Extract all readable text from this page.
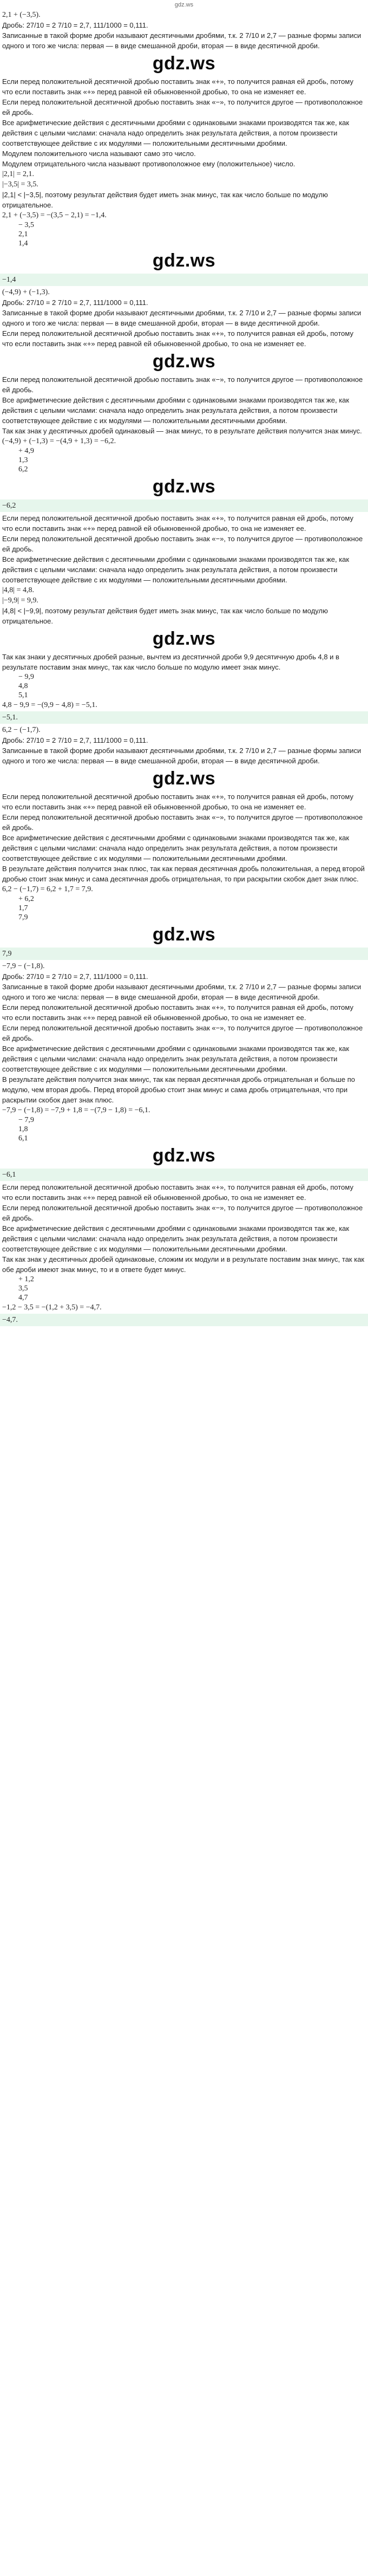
gdz.ws
2,1 + (−3,5).
Дробь: 27/10 = 2 7/10 = 2,7, 111/1000 = 0,111.
Записанные в такой форме дроби называют десятичными дробями, т.к. 2 7/10 и 2,7 — разные формы записи одного и того же числа: первая — в виде смешанной дроби, вторая — в виде десятичной дроби.
gdz.ws
Если перед положительной десятичной дробью поставить знак «+», то получится равная ей дробь, потому что если поставить знак «+» перед равной ей обыкновенной дробью, то она не изменяет ее.
Если перед положительной десятичной дробью поставить знак «−», то получится другое — противоположное ей дробь.
Все арифметические действия с десятичными дробями с одинаковыми знаками производятся так же, как действия с целыми числами: сначала надо определить знак результата действия, а потом произвести соответствующее действие с их модулями — положительными десятичными дробями.
Модулем положительного числа называют само это число.
Модулем отрицательного числа называют противоположное ему (положительное) число.
|2,1| = 2,1.
|−3,5| = 3,5.
|2,1| < |−3,5|, поэтому результат действия будет иметь знак минус, так как число больше по модулю отрицательное.
2,1 + (−3,5) = −(3,5 − 2,1) = −1,4.
− 3,5
2,1
1,4
gdz.ws
−1,4
(−4,9) + (−1,3).
Дробь: 27/10 = 2 7/10 = 2,7, 111/1000 = 0,111.
Записанные в такой форме дроби называют десятичными дробями, т.к. 2 7/10 и 2,7 — разные формы записи одного и того же числа: первая — в виде смешанной дроби, вторая — в виде десятичной дроби.
Если перед положительной десятичной дробью поставить знак «+», то получится равная ей дробь, потому что если поставить знак «+» перед равной ей обыкновенной дробью, то она не изменяет ее.
gdz.ws
Если перед положительной десятичной дробью поставить знак «−», то получится другое — противоположное ей дробь.
Все арифметические действия с десятичными дробями с одинаковыми знаками производятся так же, как действия с целыми числами: сначала надо определить знак результата действия, а потом произвести соответствующее действие с их модулями — положительными десятичными дробями.
Так как знак у десятичных дробей одинаковый — знак минус, то в результате действия получится знак минус.
(−4,9) + (−1,3) = −(4,9 + 1,3) = −6,2.
+ 4,9
1,3
6,2
gdz.ws
−6,2
Если перед положительной десятичной дробью поставить знак «+», то получится равная ей дробь, потому что если поставить знак «+» перед равной ей обыкновенной дробью, то она не изменяет ее.
Если перед положительной десятичной дробью поставить знак «−», то получится другое — противоположное ей дробь.
Все арифметические действия с десятичными дробями с одинаковыми знаками производятся так же, как действия с целыми числами: сначала надо определить знак результата действия, а потом произвести соответствующее действие с их модулями — положительными десятичными дробями.
|4,8| = 4,8.
|−9,9| = 9,9.
|4,8| < |−9,9|, поэтому результат действия будет иметь знак минус, так как число больше по модулю отрицательное.
gdz.ws
Так как знаки у десятичных дробей разные, вычтем из десятичной дроби 9,9 десятичную дробь 4,8 и в результате поставим знак минус, так как число больше по модулю имеет знак минус.
− 9,9
4,8
5,1
4,8 − 9,9 = −(9,9 − 4,8) = −5,1.
−5,1.
6,2 − (−1,7).
Дробь: 27/10 = 2 7/10 = 2,7, 111/1000 = 0,111.
Записанные в такой форме дроби называют десятичными дробями, т.к. 2 7/10 и 2,7 — разные формы записи одного и того же числа: первая — в виде смешанной дроби, вторая — в виде десятичной дроби.
gdz.ws
Если перед положительной десятичной дробью поставить знак «+», то получится равная ей дробь, потому что если поставить знак «+» перед равной ей обыкновенной дробью, то она не изменяет ее.
Если перед положительной десятичной дробью поставить знак «−», то получится другое — противоположное ей дробь.
Все арифметические действия с десятичными дробями с одинаковыми знаками производятся так же, как действия с целыми числами: сначала надо определить знак результата действия, а потом произвести соответствующее действие с их модулями — положительными десятичными дробями.
В результате действия получится знак плюс, так как первая десятичная дробь положительная, а перед второй дробью стоит знак минус и сама десятичная дробь отрицательная, то при раскрытии скобок дает знак плюс.
6,2 − (−1,7) = 6,2 + 1,7 = 7,9.
+ 6,2
1,7
7,9
gdz.ws
7,9
−7,9 − (−1,8).
Дробь: 27/10 = 2 7/10 = 2,7, 111/1000 = 0,111.
Записанные в такой форме дроби называют десятичными дробями, т.к. 2 7/10 и 2,7 — разные формы записи одного и того же числа: первая — в виде смешанной дроби, вторая — в виде десятичной дроби.
Если перед положительной десятичной дробью поставить знак «+», то получится равная ей дробь, потому что если поставить знак «+» перед равной ей обыкновенной дробью, то она не изменяет ее.
Если перед положительной десятичной дробью поставить знак «−», то получится другое — противоположное ей дробь.
Все арифметические действия с десятичными дробями с одинаковыми знаками производятся так же, как действия с целыми числами: сначала надо определить знак результата действия, а потом произвести соответствующее действие с их модулями — положительными десятичными дробями.
В результате действия получится знак минус, так как первая десятичная дробь отрицательная и больше по модулю, чем вторая дробь. Перед второй дробью стоит знак минус и сама дробь отрицательная, что при раскрытии скобок дает знак плюс.
−7,9 − (−1,8) = −7,9 + 1,8 = −(7,9 − 1,8) = −6,1.
− 7,9
1,8
6,1
gdz.ws
−6,1
Если перед положительной десятичной дробью поставить знак «+», то получится равная ей дробь, потому что если поставить знак «+» перед равной ей обыкновенной дробью, то она не изменяет ее.
Если перед положительной десятичной дробью поставить знак «−», то получится другое — противоположное ей дробь.
Все арифметические действия с десятичными дробями с одинаковыми знаками производятся так же, как действия с целыми числами: сначала надо определить знак результата действия, а потом произвести соответствующее действие с их модулями — положительными десятичными дробями.
Так как знак у десятичных дробей одинаковые, сложим их модули и в результате поставим знак минус, так как обе дроби имеют знак минус, то и в ответе будет минус.
+ 1,2
3,5
4,7
−1,2 − 3,5 = −(1,2 + 3,5) = −4,7.
−4,7.
